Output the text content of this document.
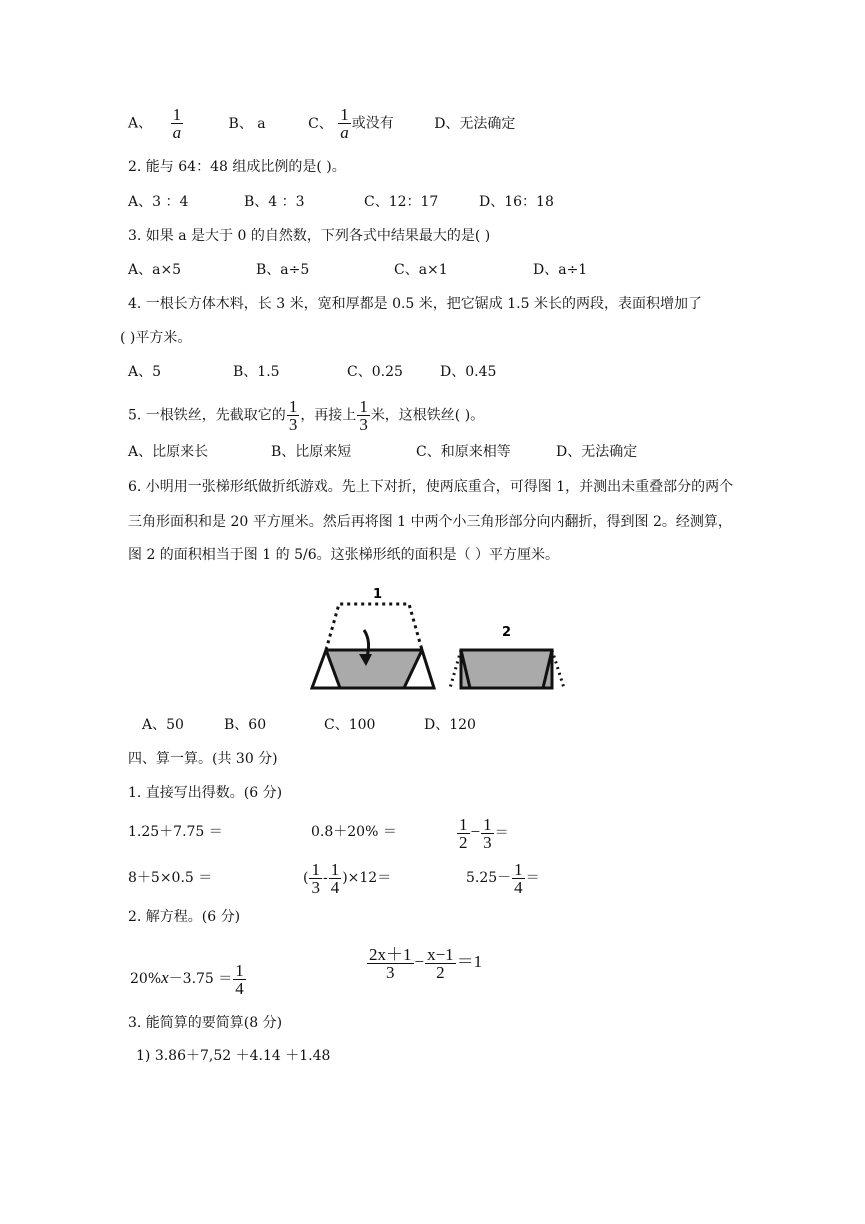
A、 $\frac{1}{a}$	B、 a	C、 $\frac{1}{a}$ 或没有	D、无法确定
2. 能与 64：48 组成比例的是( )。
A、3 ：4	B、4 ：3	C、12：17	D、16：18
3. 如果 a 是大于 0 的自然数，下列各式中结果最大的是( )
A、a×5	B、a÷5	C、a×1	D、a÷1
4. 一根长方体木料，长 3 米，宽和厚都是 0.5 米，把它锯成 1.5 米长的两段，表面积增加了
( )平方米。
A、5	B、1.5	C、0.25	D、0.45
5. 一根铁丝，先截取它的 $\frac{1}{3}$ ，再接上 $\frac{1}{3}$ 米，这根铁丝( )。
A、比原来长	B、比原来短	C、和原来相等	D、无法确定
6. 小明用一张梯形纸做折纸游戏。先上下对折，使两底重合，可得图 1，并测出未重叠部分的两个
三角形面积和是 20 平方厘米。然后再将图 1 中两个小三角形部分向内翻折，得到图 2。经测算，
图 2 的面积相当于图 1 的 5/6。这张梯形纸的面积是（ ）平方厘米。
1
2
A、50	B、60	C、100	D、120
四、算一算。(共 30 分)
1. 直接写出得数。(6 分)
1.25＋7.75 ＝	0.8＋20% ＝	$\frac{1}{2} - \frac{1}{3}$ ＝
8＋5×0.5 ＝	( $\frac{1}{3} - \frac{1}{4} )\times 12=$	$5.25- \frac{1}{4}$ ＝
2. 解方程。(6 分)
$\frac{2x+1}{3} - \frac{x-1}{2} =1$
$20\%x-3.75 = \frac{1}{4}$
3. 能简算的要简算(8 分)
1) 3.86＋7,52 ＋4.14 ＋1.48
